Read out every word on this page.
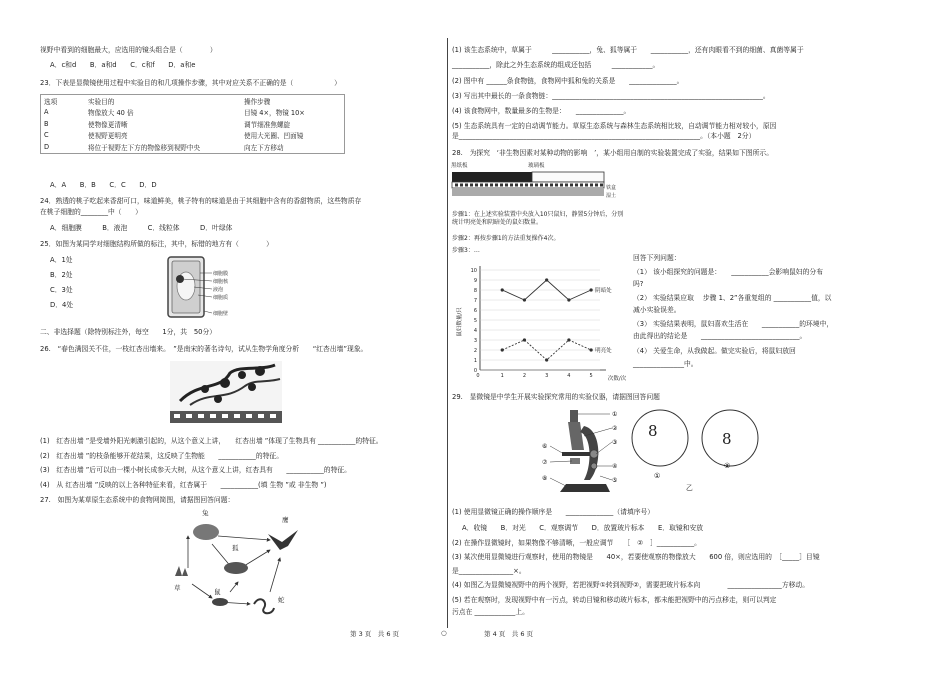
视野中看到的细胞最大，应选用的镜头组合是（　　　　）
A．c和d　　B．a和d　　C．c和f　　D．a和e
23．下表是显微镜使用过程中实验目的和几项操作步骤，其中对应关系不正确的是（　　　　　　）
选项	实验目的	操作步骤
A	物像放大 40 倍	目镜 4×，物镜 10×
B	使物像更清晰	调节细准焦螺旋
C	使视野更明亮	使用大光圈、凹面镜
D	将位于视野左下方的物像移到视野中央	向左下方移动
A．A　　B．B　　C．C　　D．D
24．熟透的桃子吃起来香甜可口，味道鲜美，桃子特有的味道是由于其细胞中含有的香甜物质，这些物质存
在桃子细胞的________中（　　）
A．细胞膜　　　B．液泡　　　C．线粒体　　　D．叶绿体
25．如图为某同学对细胞结构所做的标注，其中，标错的地方有（　　　　）
A．1处
B．2处
C．3处
D．4处
细胞膜
细胞核
液泡
细胞质
细胞壁
二、非选择题（除特别标注外，每空　　1分，共　50分）
26.　“春色满园关不住，一枝红杏出墙来。　”是南宋的著名诗句，试从生物学角度分析　　“红杏出墙”现象。
(1)　红杏出墙 ”是受墙外阳光刺激引起的，从这个意义上讲，　　红杏出墙 ”体现了生物具有 ___________的特征。
(2)　红杏出墙 ”的枝条能够开花结果，这反映了生物能　　___________的特征。
(3)　红杏出墙 ”后可以由一棵小树长成参天大树，从这个意义上讲，红杏具有　　___________的特征。
(4)　从 红杏出墙 ”反映的以上各种特征来看，红杏属于　　___________(填 生物 ”或 非生物 ”)
27.　如图为某草原生态系统中的食物网简图，请据图回答问题：
兔
狐
鹰
草	鼠
蛇
(1) 该生态系统中，草属于　　　___________，兔、狐等属于　　___________，还有肉眼看不到的细菌、真菌等属于
___________，除此之外生态系统的组成还包括　　　____________。
(2) 图中有 ______条食物链，食物网中狐和兔的关系是　　______________。
(3) 写出其中最长的一条食物链：______________________________________________________________。
(4) 该食物网中，数量最多的生物是：　　______________。
(5) 生态系统具有一定的自动调节能力。草原生态系统与森林生态系统相比较，自动调节能力相对较小，原因
是_______________________________________________________________________。（本小题　2分）
28.　为探究　‘非生物因素对某种动物的影响　’，某小组用自制的实验装置完成了实验，结果如下图所示。
黑纸板	玻璃板
铁盒
湿土
步骤1：在上述实验装置中央放入10只鼠妇，静置5分钟后，分别统计明亮处和阴暗处的鼠妇数量。
步骤2：再按步骤1的方法重复操作4次。
步骤3：…
0
1
2
3
4
5
6
7
8
9
10
0	1	2	3	4	5
阴暗处
明亮处
鼠妇数量/只
次数/次
回答下列问题：
（1） 该小组探究的问题是：　　___________会影响鼠妇的分布
吗?
（2） 实验结果应取　 步骤 1、2”各重复组的 ___________值，以
减小实验误差。
（3） 实验结果表明，鼠妇喜欢生活在　　___________的环境中，
由此得出的结论是　　_____________________________。
（4） 关爱生命，从我做起。做完实验后，将鼠妇放回
_______________中。
29.　显微镜是中学生开展实验探究常用的实验仪器，请据图回答问题
①
②
③
④
⑤
⑥
⑦
⑧
8	8
①
②
乙
(1) 使用显微镜正确的操作顺序是　　______________（请填序号）
A．收镜　　B．对光　　C．观察调节　　D．放置玻片标本　　E．取镜和安放
(2) 在操作显微镜时，如果物像不够清晰，一般应调节　　［　②　］___________。
(3) 某次使用显微镜进行观察时，使用的物镜是　　40×，若要使观察的物像放大　　600 倍，则应选用的　［_____］目镜
是________________×。
(4) 如图乙为显微镜视野中的两个视野，若把视野①转到视野②，需要把玻片标本向　　　　________________方移动。
(5) 若在观察时，发现视野中有一污点，转动目镜和移动玻片标本，都未能把视野中的污点移走，则可以判定
污点在 ____________上。
第 3 页　共 6 页	○	第 4 页　共 6 页
